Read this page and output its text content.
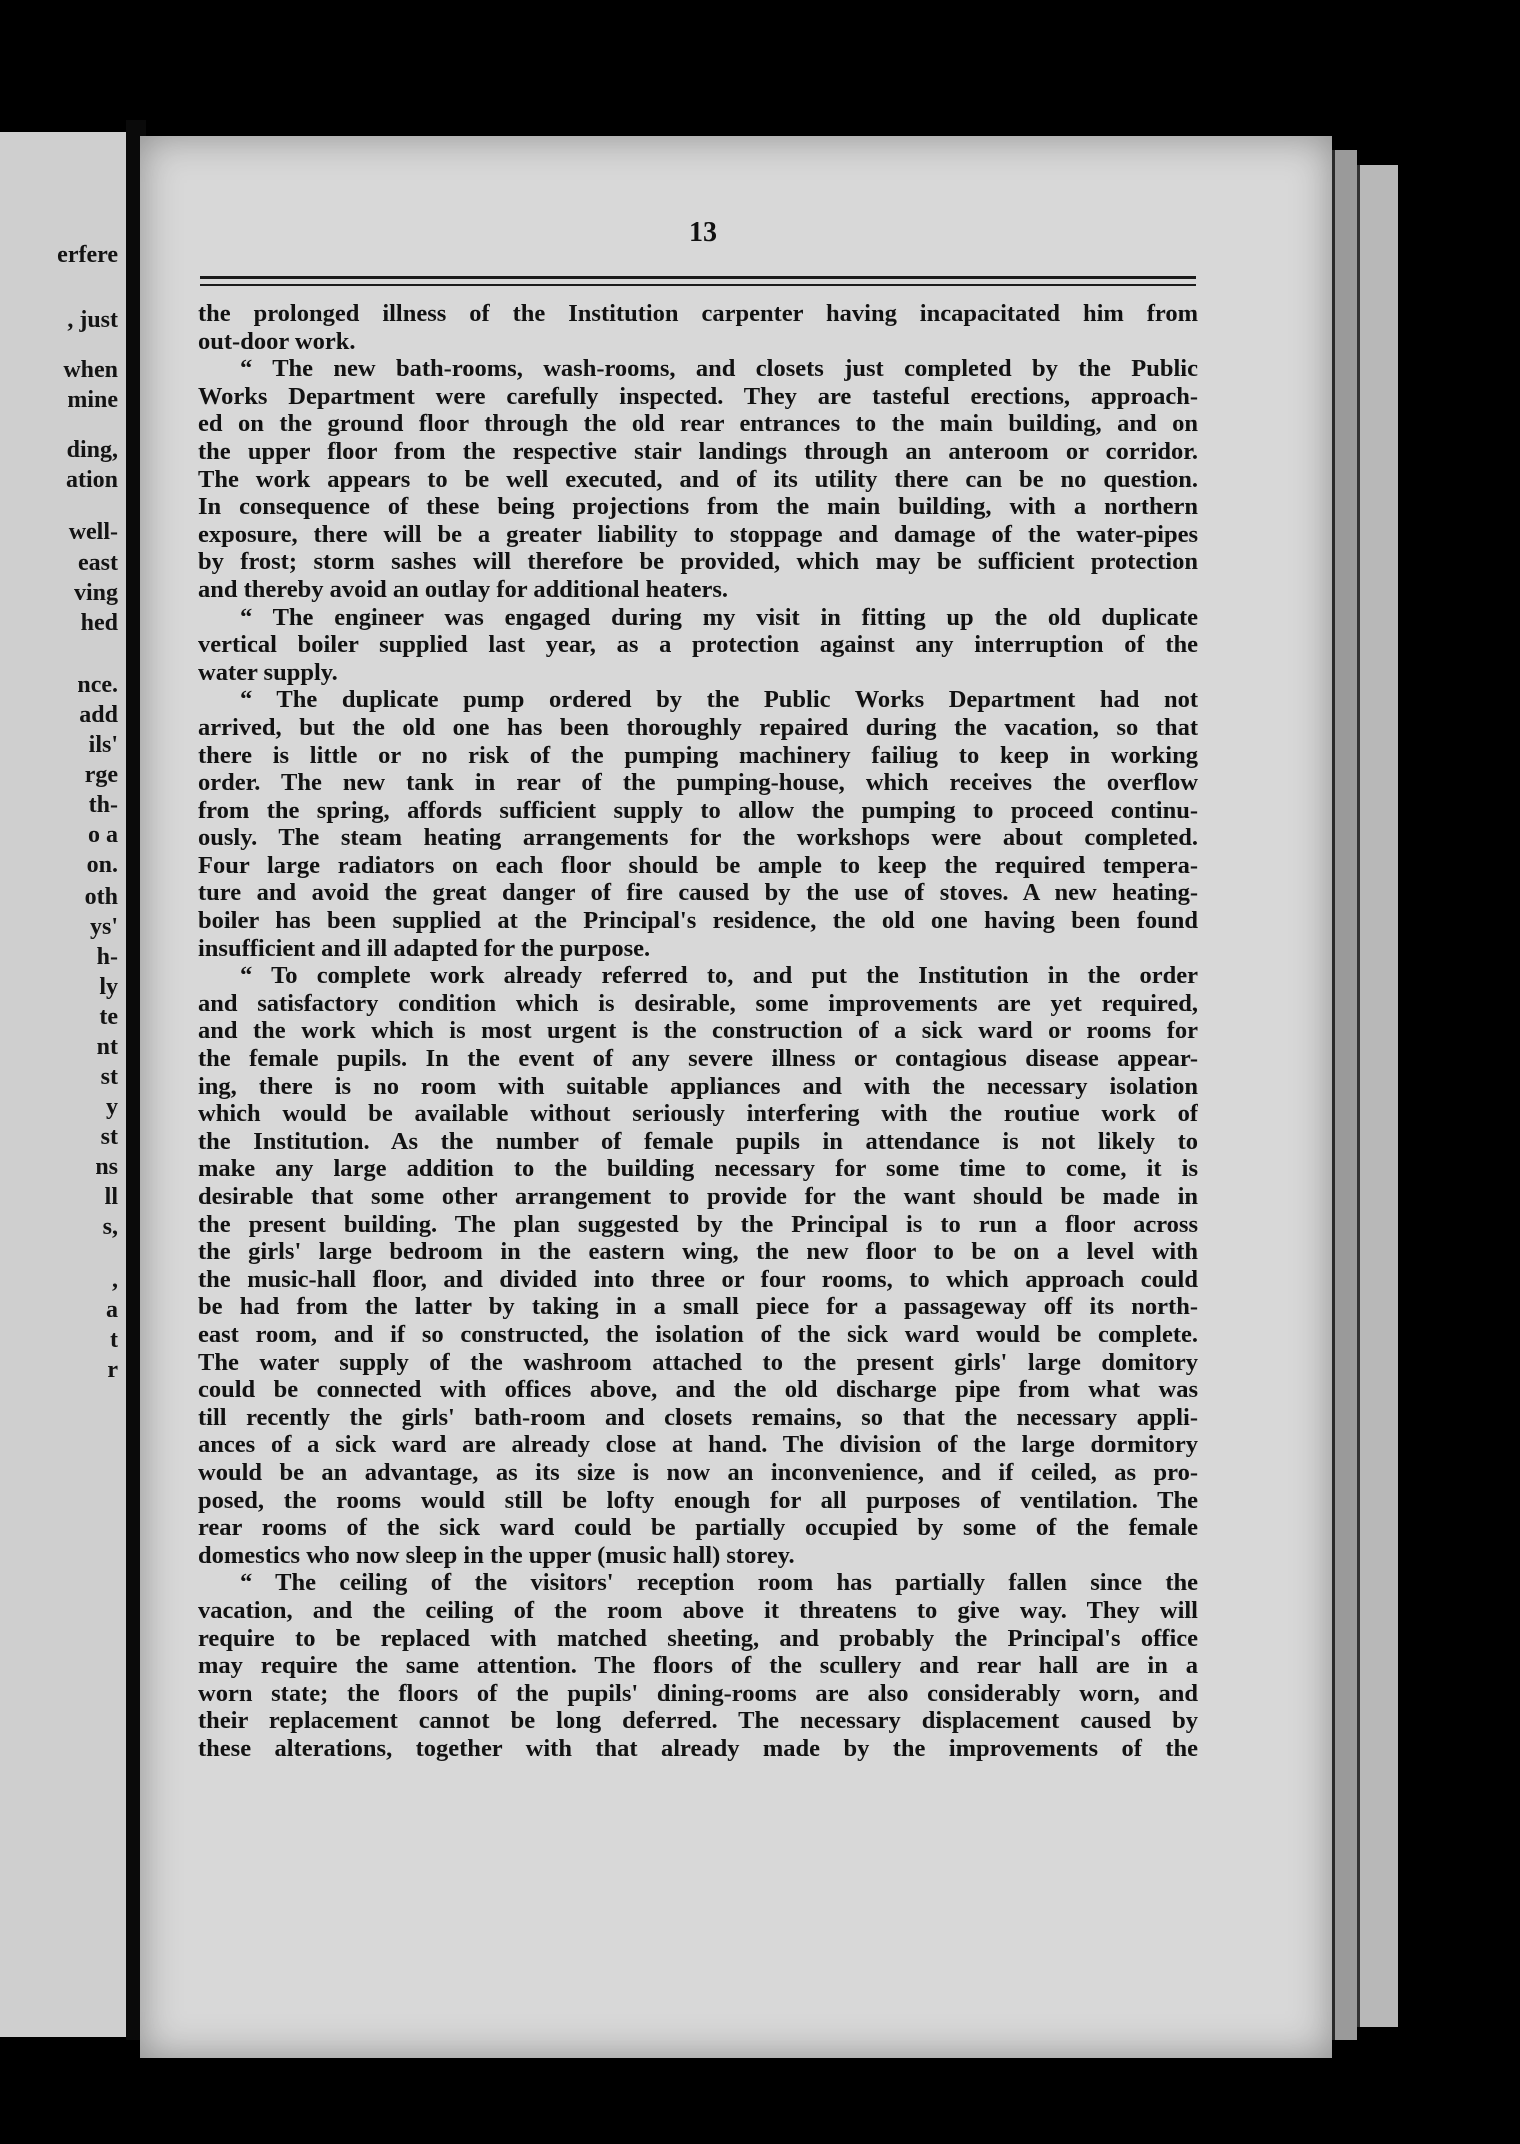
erfere
, just
when
mine
ding,
ation
well-
east
ving
hed
nce.
add
ils'
rge
th-
o a
on.
oth
ys'
h-
ly
te
nt
st
y
st
ns
ll
s,
,
a
t
r
13
the prolonged illness of the Institution carpenter having incapacitated him from
out-door work.
“ The new bath-rooms, wash-rooms, and closets just completed by the Public
Works Department were carefully inspected. They are tasteful erections, approach-
ed on the ground floor through the old rear entrances to the main building, and on
the upper floor from the respective stair landings through an anteroom or corridor.
The work appears to be well executed, and of its utility there can be no question.
In consequence of these being projections from the main building, with a northern
exposure, there will be a greater liability to stoppage and damage of the water-pipes
by frost; storm sashes will therefore be provided, which may be sufficient protection
and thereby avoid an outlay for additional heaters.
“ The engineer was engaged during my visit in fitting up the old duplicate
vertical boiler supplied last year, as a protection against any interruption of the
water supply.
“ The duplicate pump ordered by the Public Works Department had not
arrived, but the old one has been thoroughly repaired during the vacation, so that
there is little or no risk of the pumping machinery failiug to keep in working
order. The new tank in rear of the pumping-house, which receives the overflow
from the spring, affords sufficient supply to allow the pumping to proceed continu-
ously. The steam heating arrangements for the workshops were about completed.
Four large radiators on each floor should be ample to keep the required tempera-
ture and avoid the great danger of fire caused by the use of stoves. A new heating-
boiler has been supplied at the Principal's residence, the old one having been found
insufficient and ill adapted for the purpose.
“ To complete work already referred to, and put the Institution in the order
and satisfactory condition which is desirable, some improvements are yet required,
and the work which is most urgent is the construction of a sick ward or rooms for
the female pupils. In the event of any severe illness or contagious disease appear-
ing, there is no room with suitable appliances and with the necessary isolation
which would be available without seriously interfering with the routiue work of
the Institution. As the number of female pupils in attendance is not likely to
make any large addition to the building necessary for some time to come, it is
desirable that some other arrangement to provide for the want should be made in
the present building. The plan suggested by the Principal is to run a floor across
the girls' large bedroom in the eastern wing, the new floor to be on a level with
the music-hall floor, and divided into three or four rooms, to which approach could
be had from the latter by taking in a small piece for a passageway off its north-
east room, and if so constructed, the isolation of the sick ward would be complete.
The water supply of the washroom attached to the present girls' large domitory
could be connected with offices above, and the old discharge pipe from what was
till recently the girls' bath-room and closets remains, so that the necessary appli-
ances of a sick ward are already close at hand. The division of the large dormitory
would be an advantage, as its size is now an inconvenience, and if ceiled, as pro-
posed, the rooms would still be lofty enough for all purposes of ventilation. The
rear rooms of the sick ward could be partially occupied by some of the female
domestics who now sleep in the upper (music hall) storey.
“ The ceiling of the visitors' reception room has partially fallen since the
vacation, and the ceiling of the room above it threatens to give way. They will
require to be replaced with matched sheeting, and probably the Principal's office
may require the same attention. The floors of the scullery and rear hall are in a
worn state; the floors of the pupils' dining-rooms are also considerably worn, and
their replacement cannot be long deferred. The necessary displacement caused by
these alterations, together with that already made by the improvements of the
